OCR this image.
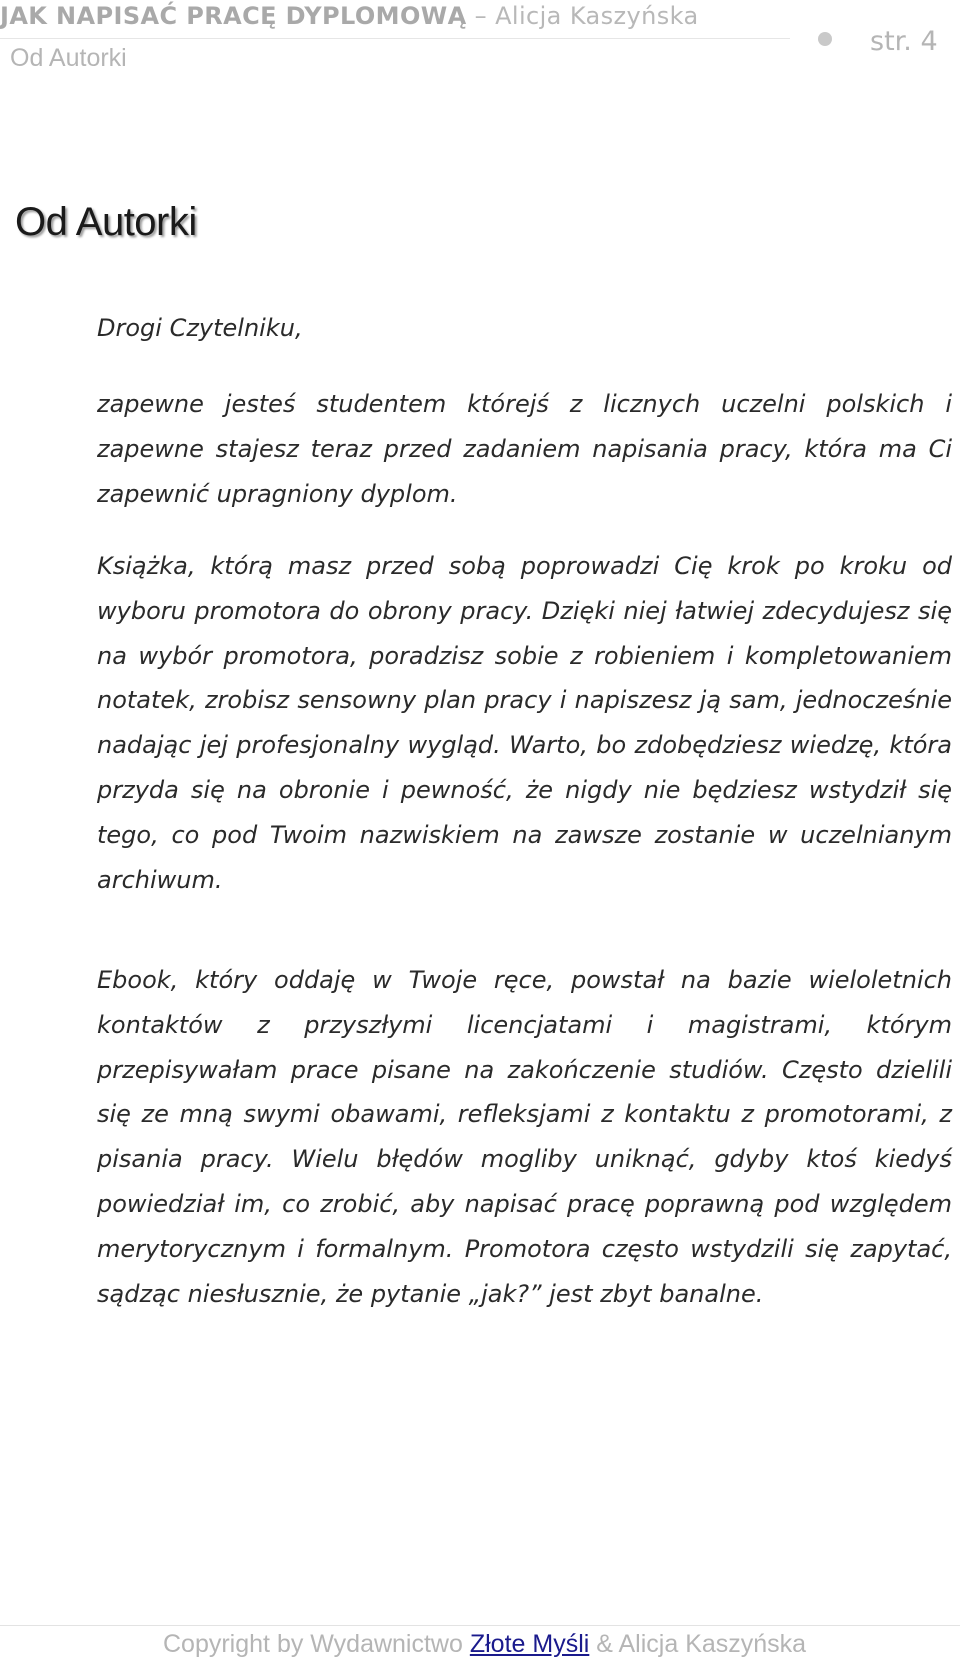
JAK NAPISAĆ PRACĘ DYPLOMOWĄ – Alicja Kaszyńska
Od Autorki
str. 4
Od Autorki
Drogi Czytelniku,

zapewne jesteś studentem którejś z licznych uczelni polskich i zapewne stajesz teraz przed zadaniem napisania pracy, która ma Ci zapewnić upragniony dyplom.

Książka, którą masz przed sobą poprowadzi Cię krok po kroku od wyboru promotora do obrony pracy. Dzięki niej łatwiej zdecydujesz się na wybór promotora, poradzisz sobie z robieniem i kompletowaniem notatek, zrobisz sensowny plan pracy i napiszesz ją sam, jednocześnie nadając jej profesjonalny wygląd. Warto, bo zdobędziesz wiedzę, która przyda się na obronie i pewność, że nigdy nie będziesz wstydził się tego, co pod Twoim nazwiskiem na zawsze zostanie w uczelnianym archiwum.

Ebook, który oddaję w Twoje ręce, powstał na bazie wieloletnich kontaktów z przyszłymi licencjatami i magistrami, którym przepisywałam prace pisane na zakończenie studiów. Często dzielili się ze mną swymi obawami, refleksjami z kontaktu z promotorami, z pisania pracy. Wielu błędów mogliby uniknąć, gdyby ktoś kiedyś powiedział im, co zrobić, aby napisać pracę poprawną pod względem merytorycznym i formalnym. Promotora często wstydzili się zapytać, sądząc niesłusznie, że pytanie „jak?” jest zbyt banalne.

Copyright by Wydawnictwo Złote Myśli & Alicja Kaszyńska
